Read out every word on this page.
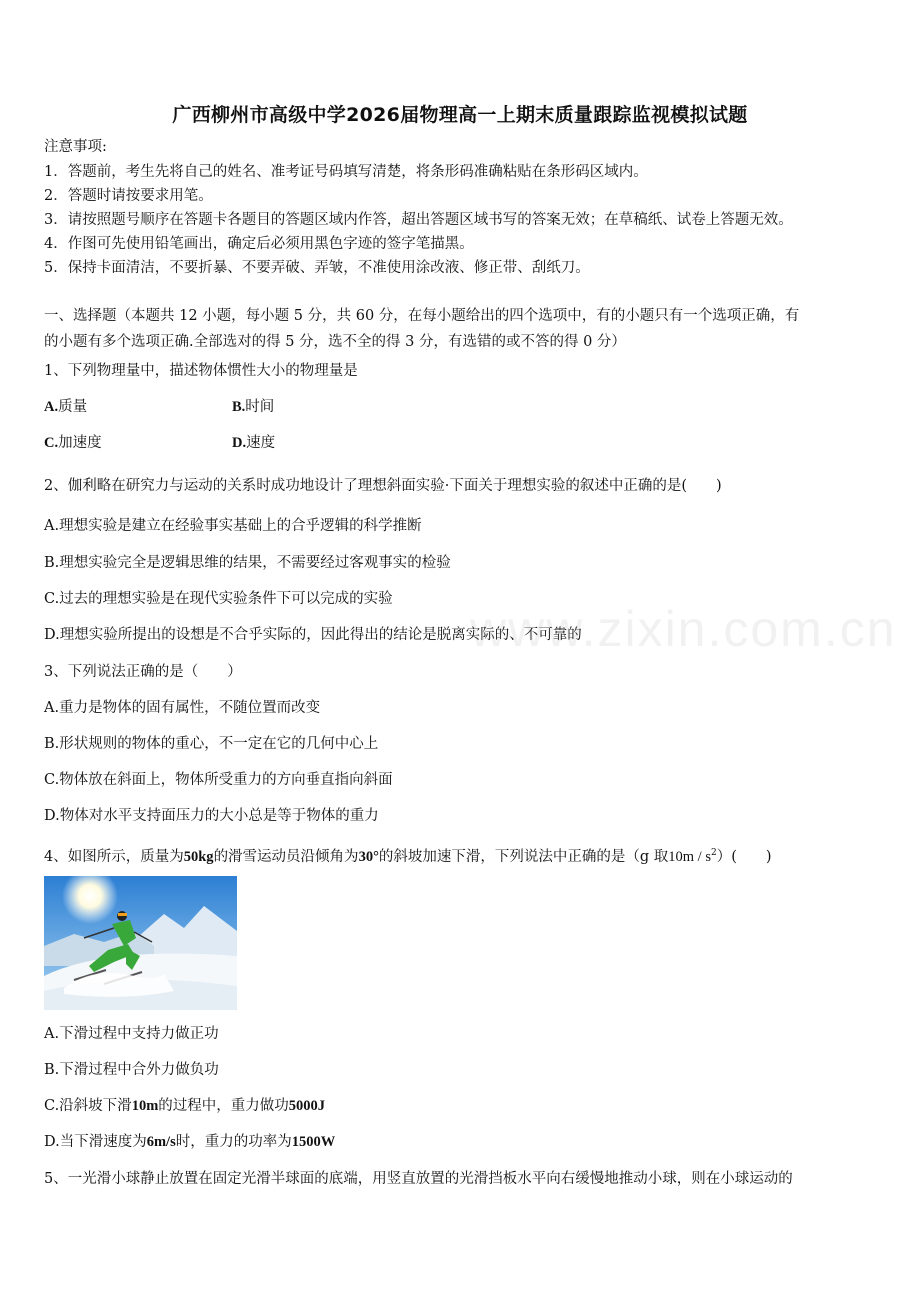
广西柳州市高级中学2026届物理高一上期末质量跟踪监视模拟试题
注意事项:
1．答题前，考生先将自己的姓名、准考证号码填写清楚，将条形码准确粘贴在条形码区域内。
2．答题时请按要求用笔。
3．请按照题号顺序在答题卡各题目的答题区域内作答，超出答题区域书写的答案无效；在草稿纸、试卷上答题无效。
4．作图可先使用铅笔画出，确定后必须用黑色字迹的签字笔描黑。
5．保持卡面清洁，不要折暴、不要弄破、弄皱，不准使用涂改液、修正带、刮纸刀。
一、选择题（本题共 12 小题，每小题 5 分，共 60 分，在每小题给出的四个选项中，有的小题只有一个选项正确，有
的小题有多个选项正确.全部选对的得 5 分，选不全的得 3 分，有选错的或不答的得 0 分）
1、下列物理量中，描述物体惯性大小的物理量是
A.质量	B.时间
C.加速度	D.速度
2、伽利略在研究力与运动的关系时成功地设计了理想斜面实验·下面关于理想实验的叙述中正确的是(　　)
A.理想实验是建立在经验事实基础上的合乎逻辑的科学推断
B.理想实验完全是逻辑思维的结果，不需要经过客观事实的检验
C.过去的理想实验是在现代实验条件下可以完成的实验
D.理想实验所提出的设想是不合乎实际的，因此得出的结论是脱离实际的、不可靠的
3、下列说法正确的是（　　）
A.重力是物体的固有属性，不随位置而改变
B.形状规则的物体的重心，不一定在它的几何中心上
C.物体放在斜面上，物体所受重力的方向垂直指向斜面
D.物体对水平支持面压力的大小总是等于物体的重力
4、如图所示，质量为50kg的滑雪运动员沿倾角为30°的斜坡加速下滑，下列说法中正确的是（g 取$10m / s^2$）(　　)
A.下滑过程中支持力做正功
B.下滑过程中合外力做负功
C.沿斜坡下滑10m的过程中，重力做功5000J
D.当下滑速度为6m/s时，重力的功率为1500W
5、一光滑小球静止放置在固定光滑半球面的底端，用竖直放置的光滑挡板水平向右缓慢地推动小球，则在小球运动的
www.zixin.com.cn
